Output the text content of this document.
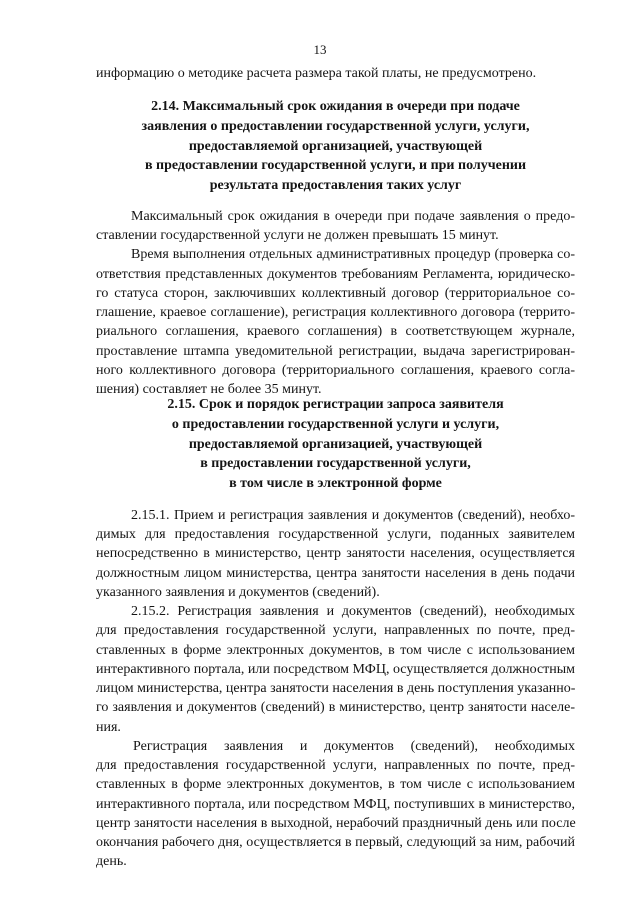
13
информацию о методике расчета размера такой платы, не предусмотрено.
2.14. Максимальный срок ожидания в очереди при подаче
заявления о предоставлении государственной услуги, услуги,
предоставляемой организацией, участвующей
в предоставлении государственной услуги, и при получении
результата предоставления таких услуг
Максимальный срок ожидания в очереди при подаче заявления о предо-
ставлении государственной услуги не должен превышать 15 минут.
Время выполнения отдельных административных процедур (проверка со-
ответствия представленных документов требованиям Регламента, юридическо-
го статуса сторон, заключивших коллективный договор (территориальное со-
глашение, краевое соглашение), регистрация коллективного договора (террито-
риального соглашения, краевого соглашения) в соответствующем журнале,
проставление штампа уведомительной регистрации, выдача зарегистрирован-
ного коллективного договора (территориального соглашения, краевого согла-
шения) составляет не более 35 минут.
2.15. Срок и порядок регистрации запроса заявителя
о предоставлении государственной услуги и услуги,
предоставляемой организацией, участвующей
в предоставлении государственной услуги,
в том числе в электронной форме
2.15.1. Прием и регистрация заявления и документов (сведений), необхо-
димых для предоставления государственной услуги, поданных заявителем
непосредственно в министерство, центр занятости населения, осуществляется
должностным лицом министерства, центра занятости населения в день подачи
указанного заявления и документов (сведений).
2.15.2. Регистрация заявления и документов (сведений), необходимых
для предоставления государственной услуги, направленных по почте, пред-
ставленных в форме электронных документов, в том числе с использованием
интерактивного портала, или посредством МФЦ, осуществляется должностным
лицом министерства, центра занятости населения в день поступления указанно-
го заявления и документов (сведений) в министерство, центр занятости населе-
ния.
Регистрация заявления и документов (сведений), необходимых
для предоставления государственной услуги, направленных по почте, пред-
ставленных в форме электронных документов, в том числе с использованием
интерактивного портала, или посредством МФЦ, поступивших в министерство,
центр занятости населения в выходной, нерабочий праздничный день или после
окончания рабочего дня, осуществляется в первый, следующий за ним, рабочий
день.
